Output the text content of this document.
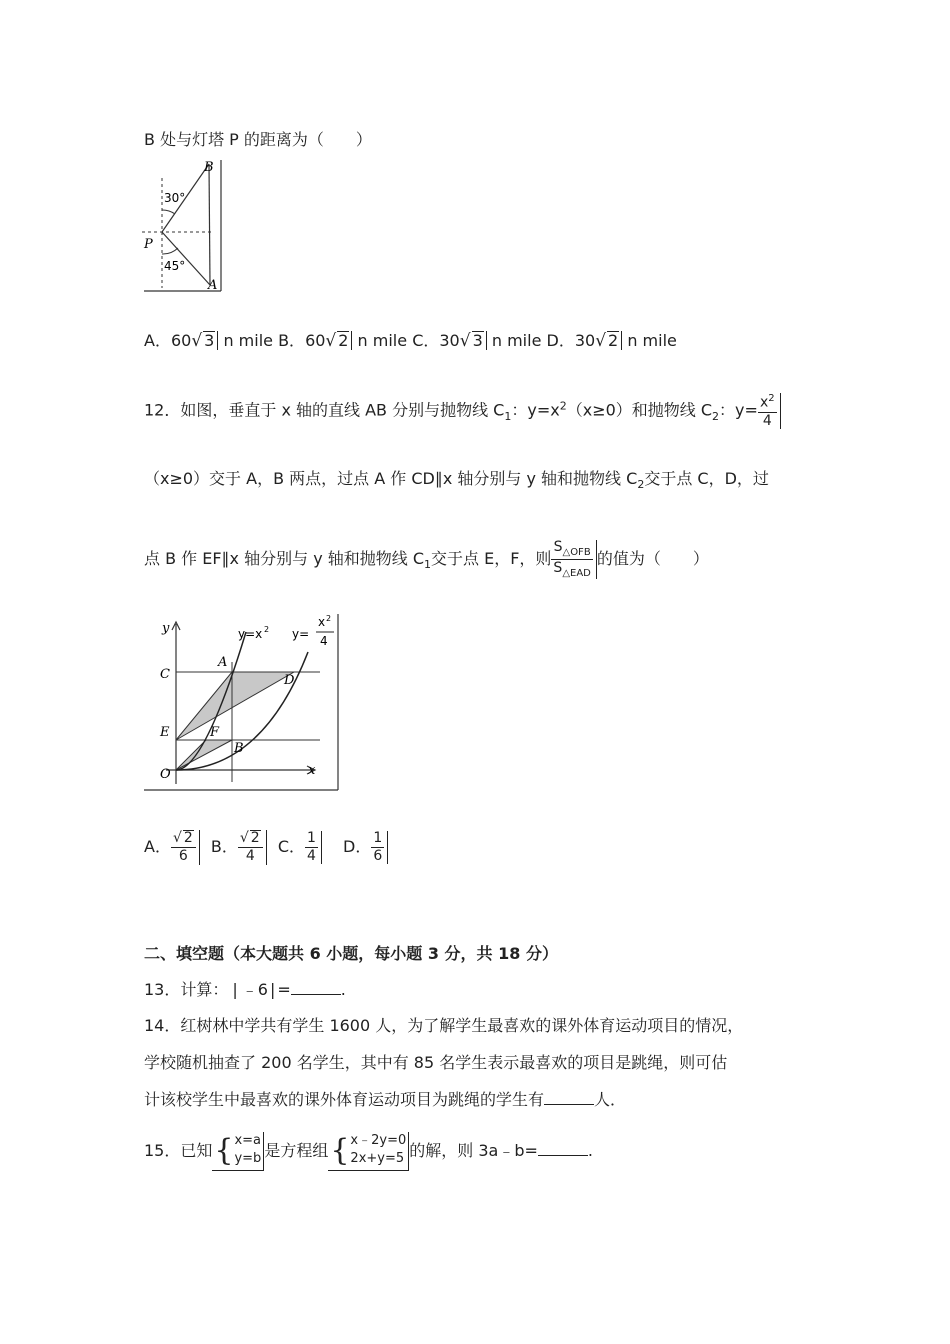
B 处与灯塔 P 的距离为（　　）
B
A
P
30°
45°
A．60√ 3 n mile B．60√ 2 n mile C．30√ 3 n mile D．30√ 2 n mile
12．如图，垂直于 x 轴的直线 AB 分别与抛物线 $C_1$：$y=x^2(x\ge 0)$和抛物线 $C_2$：$y= \frac{x^2}{4}$
（x≥0）交于 A，B 两点，过点 A 作 CD∥x 轴分别与 y 轴和抛物线 $C_2$交于点 C，D，过
点 B 作 EF∥x 轴分别与 y 轴和抛物线 $C_1$交于点 E，F，则 $\frac{S_{\triangle OFB}}{S_{\triangle EAD}}$ 的值为（　　）
y
x
O
C
E
A
D
F
B
y=x 2 y=
x 2
4
A． $\frac{√ 2}{6}$ B． $\frac{√ 2}{4}$ C． $\frac{1}{4}$ D． $\frac{1}{6}$
二、填空题（本大题共 6 小题，每小题 3 分，共 18 分）
13．计算： | ﹣6 | =	.
14．红树林中学共有学生 1600 人，为了解学生最喜欢的课外体育运动项目的情况，
学校随机抽查了 200 名学生，其中有 85 名学生表示最喜欢的项目是跳绳，则可估
计该校学生中最喜欢的课外体育运动项目为跳绳的学生有	人．
15．已知 { x=a
y=b 是方程组 { x﹣2y=0
2x+y=5 的解，则 3a﹣b=	.
